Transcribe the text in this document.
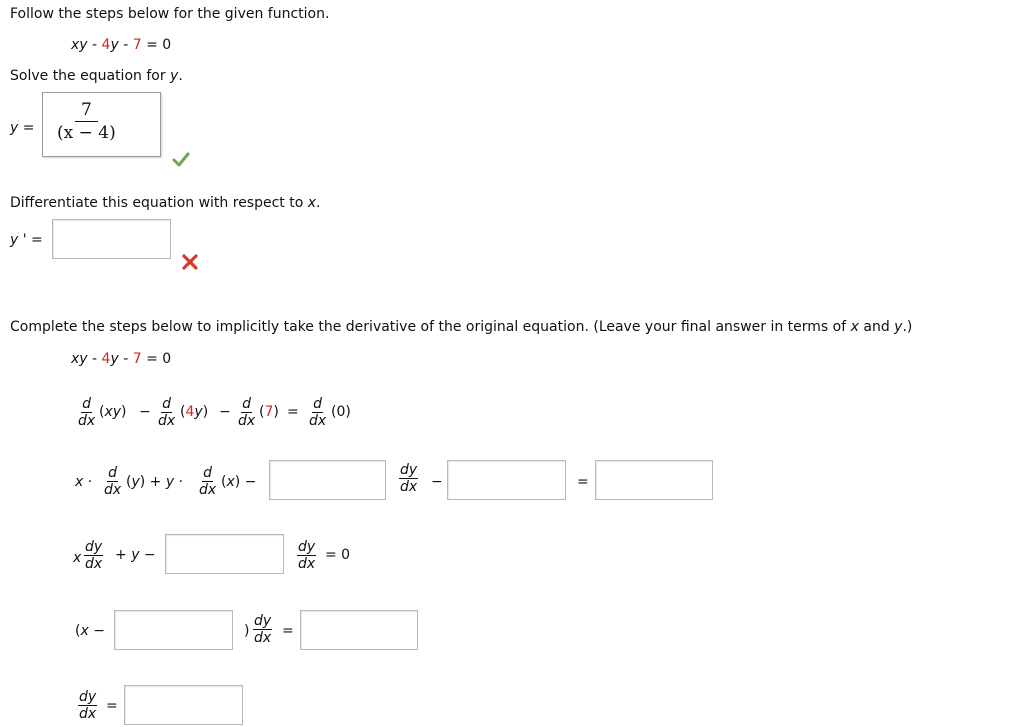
Follow the steps below for the given function.
xy - 4y - 7 = 0
Solve the equation for y.
$y = \frac{7}{(x - 4)}$
Differentiate this equation with respect to x.
y ' =
Complete the steps below to implicitly take the derivative of the original equation. (Leave your final answer in terms of x and y.)
xy - 4y - 7 = 0
$\frac{d}{dx} (xy) - \frac{d}{dx} (4y) - \frac{d}{dx} (7) = \frac{d}{dx} (0)$
$x \cdot \frac{d}{dx} (y) + y \cdot \frac{d}{dx} (x)$ −	$\frac{dy}{dx}$ −	=
x $\frac{dy}{dx} + y$ −	$\frac{dy}{dx} = 0$
(x −	) $\frac{dy}{dx}$ =
$\frac{dy}{dx}$ =
